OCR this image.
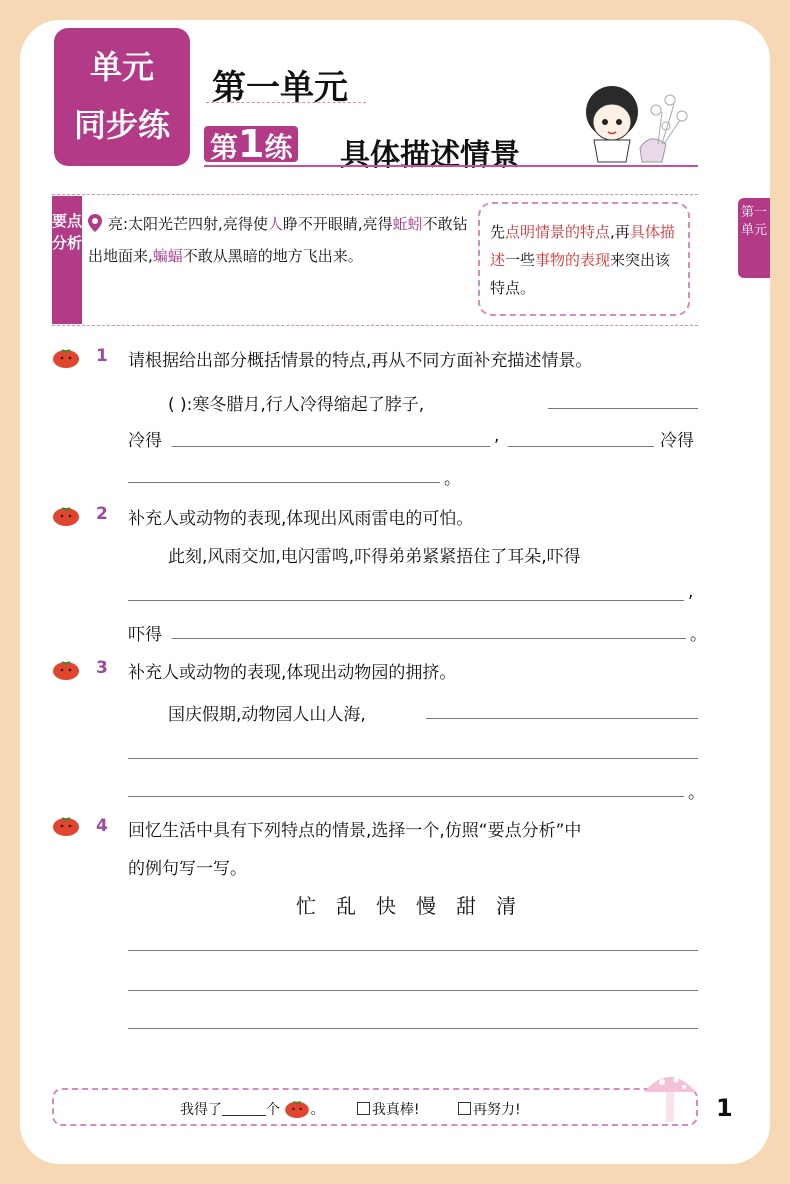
单元
同步练
第一单元
第1练 具体描述情景
第一单元
要点分析
亮:太阳光芒四射,亮得使人睁不开眼睛,亮得蚯蚓不敢钻出地面来,蝙蝠不敢从黑暗的地方飞出来。
先点明情景的特点,再具体描述一些事物的表现来突出该特点。
1 请根据给出部分概括情景的特点,再从不同方面补充描述情景。
( ):寒冬腊月,行人冷得缩起了脖子,
冷得	,	冷得
。
2 补充人或动物的表现,体现出风雨雷电的可怕。
此刻,风雨交加,电闪雷鸣,吓得弟弟紧紧捂住了耳朵,吓得
,
吓得	。
3 补充人或动物的表现,体现出动物园的拥挤。
国庆假期,动物园人山人海,
。
4 回忆生活中具有下列特点的情景,选择一个,仿照“要点分析”中
的例句写一写。
忙 乱 快 慢 甜 清
我得了	个 。	我真棒!	再努力!	1
